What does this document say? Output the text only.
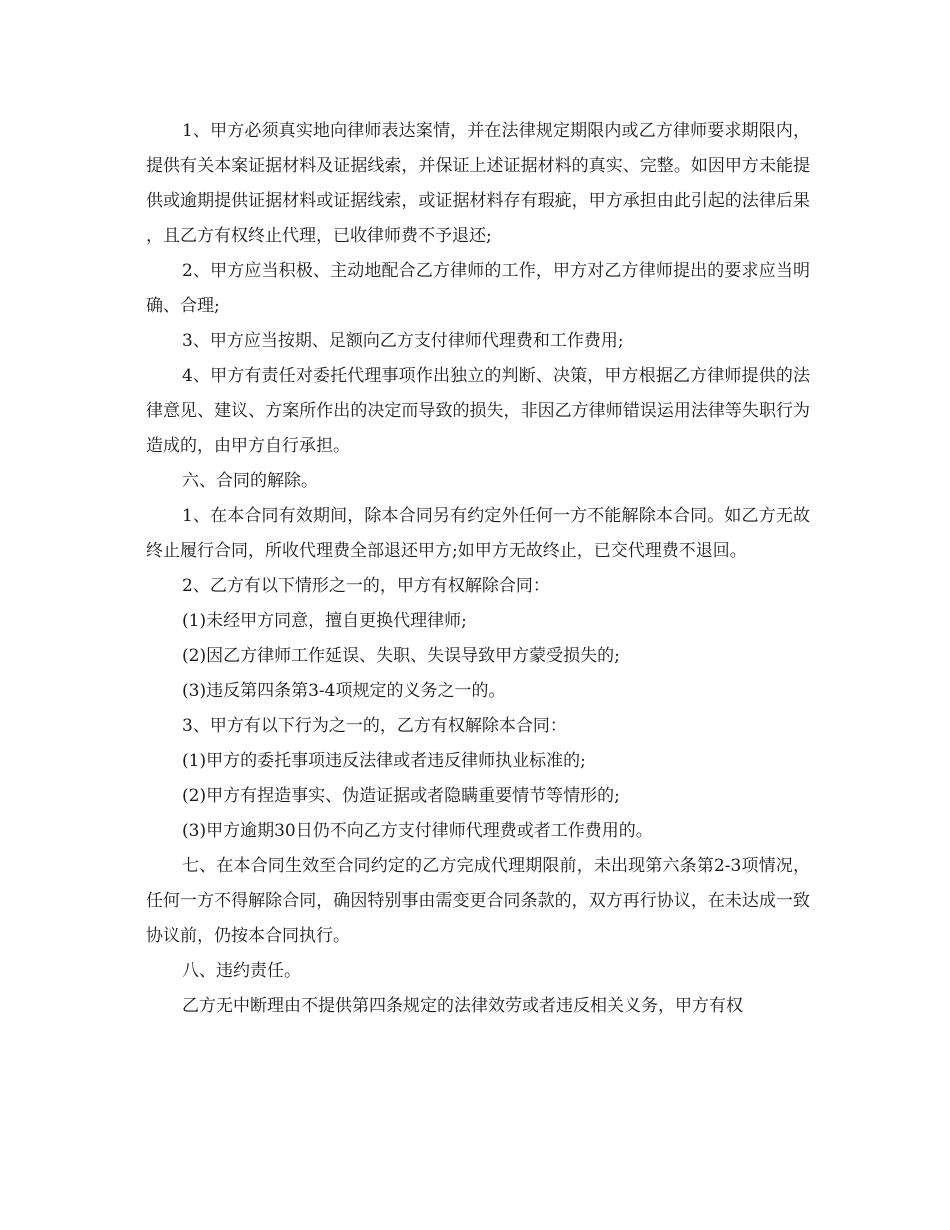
1、甲方必须真实地向律师表达案情，并在法律规定期限内或乙方律师要求期限内，提供有关本案证据材料及证据线索，并保证上述证据材料的真实、完整。如因甲方未能提供或逾期提供证据材料或证据线索，或证据材料存有瑕疵，甲方承担由此引起的法律后果，且乙方有权终止代理，已收律师费不予退还;

2、甲方应当积极、主动地配合乙方律师的工作，甲方对乙方律师提出的要求应当明确、合理;

3、甲方应当按期、足额向乙方支付律师代理费和工作费用;

4、甲方有责任对委托代理事项作出独立的判断、决策，甲方根据乙方律师提供的法律意见、建议、方案所作出的决定而导致的损失，非因乙方律师错误运用法律等失职行为造成的，由甲方自行承担。

六、合同的解除。

1、在本合同有效期间，除本合同另有约定外任何一方不能解除本合同。如乙方无故终止履行合同，所收代理费全部退还甲方;如甲方无故终止，已交代理费不退回。

2、乙方有以下情形之一的，甲方有权解除合同：

(1)未经甲方同意，擅自更换代理律师;

(2)因乙方律师工作延误、失职、失误导致甲方蒙受损失的;

(3)违反第四条第3-4项规定的义务之一的。

3、甲方有以下行为之一的，乙方有权解除本合同：

(1)甲方的委托事项违反法律或者违反律师执业标准的;

(2)甲方有捏造事实、伪造证据或者隐瞒重要情节等情形的;

(3)甲方逾期30日仍不向乙方支付律师代理费或者工作费用的。

七、在本合同生效至合同约定的乙方完成代理期限前，未出现第六条第2-3项情况，任何一方不得解除合同，确因特别事由需变更合同条款的，双方再行协议，在未达成一致协议前，仍按本合同执行。

八、违约责任。

乙方无中断理由不提供第四条规定的法律效劳或者违反相关义务，甲方有权
